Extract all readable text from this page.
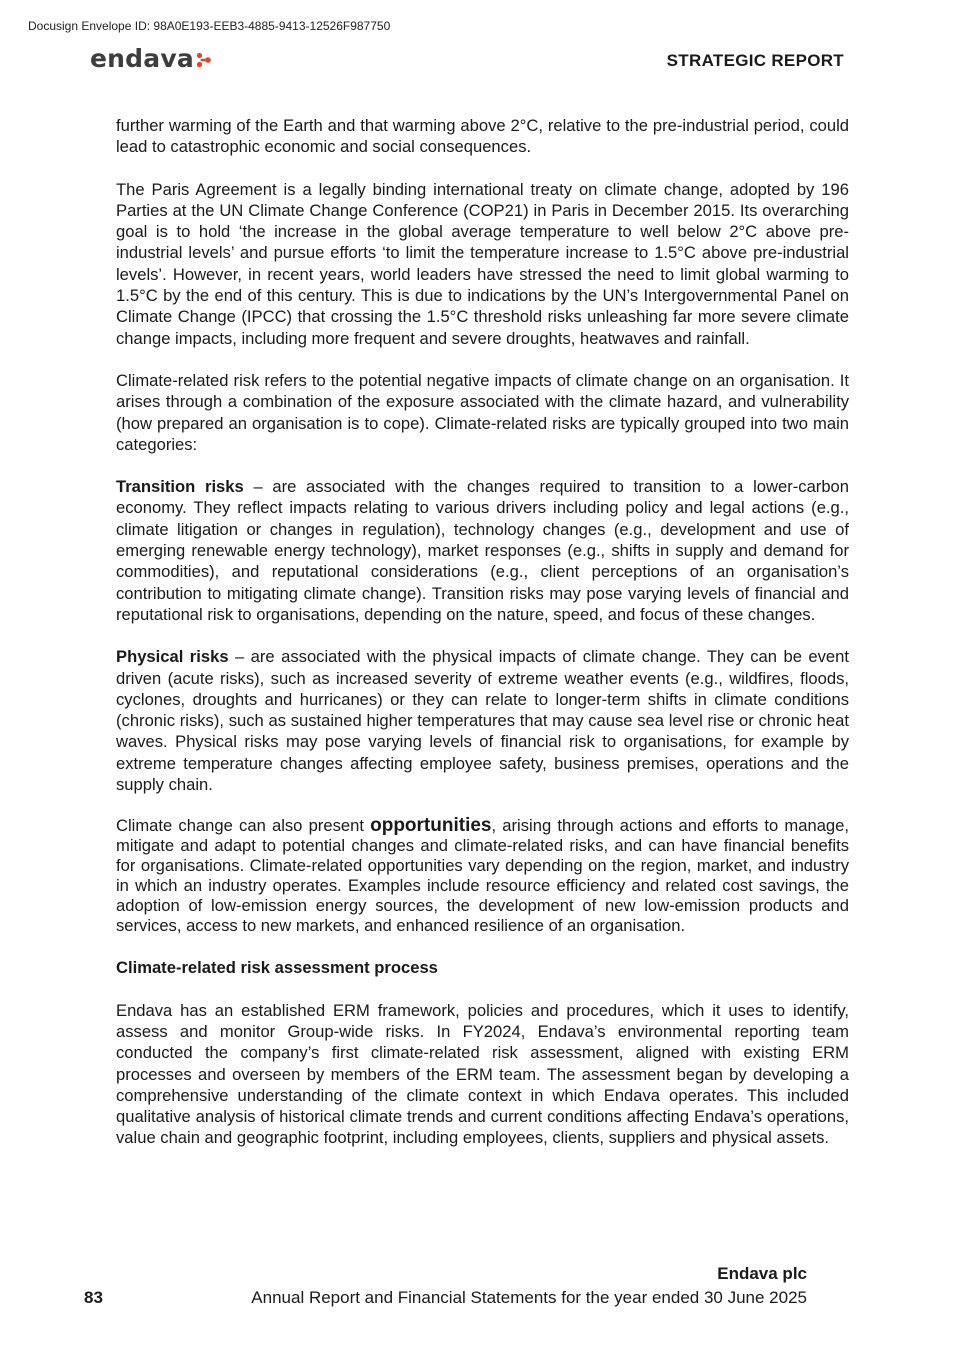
Docusign Envelope ID: 98A0E193-EEB3-4885-9413-12526F987750
endava	STRATEGIC REPORT

further warming of the Earth and that warming above 2°C, relative to the pre-industrial period, could lead to catastrophic economic and social consequences.

The Paris Agreement is a legally binding international treaty on climate change, adopted by 196 Parties at the UN Climate Change Conference (COP21) in Paris in December 2015. Its overarching goal is to hold ‘the increase in the global average temperature to well below 2°C above pre-industrial levels’ and pursue efforts ‘to limit the temperature increase to 1.5°C above pre-industrial levels’. However, in recent years, world leaders have stressed the need to limit global warming to 1.5°C by the end of this century. This is due to indications by the UN’s Intergovernmental Panel on Climate Change (IPCC) that crossing the 1.5°C threshold risks unleashing far more severe climate change impacts, including more frequent and severe droughts, heatwaves and rainfall.

Climate-related risk refers to the potential negative impacts of climate change on an organisation. It arises through a combination of the exposure associated with the climate hazard, and vulnerability (how prepared an organisation is to cope). Climate-related risks are typically grouped into two main categories:

Transition risks – are associated with the changes required to transition to a lower-carbon economy. They reflect impacts relating to various drivers including policy and legal actions (e.g., climate litigation or changes in regulation), technology changes (e.g., development and use of emerging renewable energy technology), market responses (e.g., shifts in supply and demand for commodities), and reputational considerations (e.g., client perceptions of an organisation’s contribution to mitigating climate change). Transition risks may pose varying levels of financial and reputational risk to organisations, depending on the nature, speed, and focus of these changes.

Physical risks – are associated with the physical impacts of climate change. They can be event driven (acute risks), such as increased severity of extreme weather events (e.g., wildfires, floods, cyclones, droughts and hurricanes) or they can relate to longer-term shifts in climate conditions (chronic risks), such as sustained higher temperatures that may cause sea level rise or chronic heat waves. Physical risks may pose varying levels of financial risk to organisations, for example by extreme temperature changes affecting employee safety, business premises, operations and the supply chain.

Climate change can also present opportunities, arising through actions and efforts to manage, mitigate and adapt to potential changes and climate-related risks, and can have financial benefits for organisations. Climate-related opportunities vary depending on the region, market, and industry in which an industry operates. Examples include resource efficiency and related cost savings, the adoption of low-emission energy sources, the development of new low-emission products and services, access to new markets, and enhanced resilience of an organisation.

Climate-related risk assessment process

Endava has an established ERM framework, policies and procedures, which it uses to identify, assess and monitor Group-wide risks. In FY2024, Endava’s environmental reporting team conducted the company’s first climate-related risk assessment, aligned with existing ERM processes and overseen by members of the ERM team. The assessment began by developing a comprehensive understanding of the climate context in which Endava operates. This included qualitative analysis of historical climate trends and current conditions affecting Endava’s operations, value chain and geographic footprint, including employees, clients, suppliers and physical assets.

Endava plc
83	Annual Report and Financial Statements for the year ended 30 June 2025
